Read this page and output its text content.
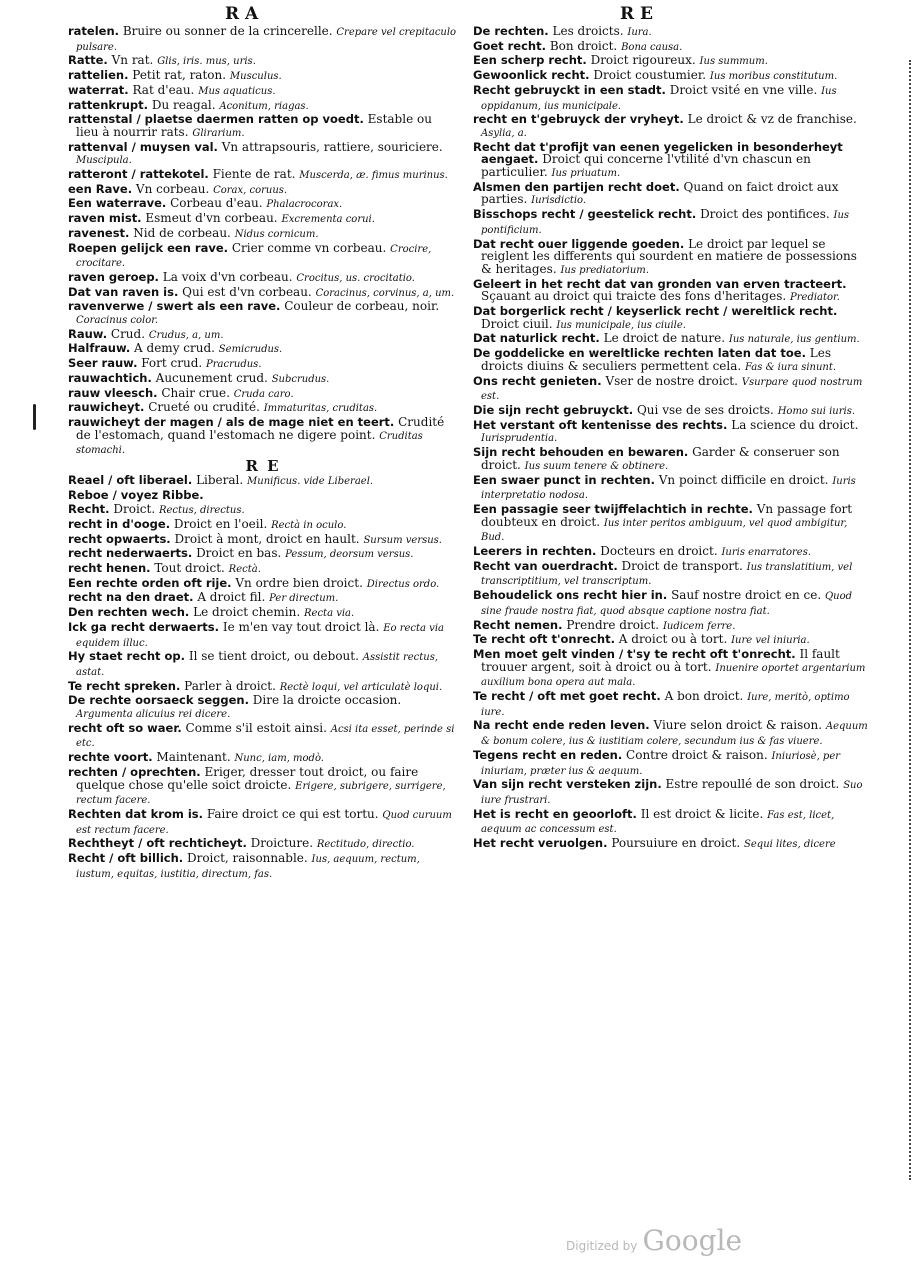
R A	R E

ratelen. Bruire ou sonner de la crincerelle. Crepare vel crepitaculo pulsare.

Ratte. Vn rat. Glis, iris. mus, uris.

rattelien. Petit rat, raton. Musculus.

waterrat. Rat d'eau. Mus aquaticus.

rattenkrupt. Du reagal. Aconitum, riagas.

rattenstal / plaetse daermen ratten op voedt. Estable ou lieu à nourrir rats. Glirarium.

rattenval / muysen val. Vn attrapsouris, rattiere, souriciere. Muscipula.

ratteront / rattekotel. Fiente de rat. Muscerda, æ. fimus murinus.

een Rave. Vn corbeau. Corax, coruus.

Een waterrave. Corbeau d'eau. Phalacrocorax.

raven mist. Esmeut d'vn corbeau. Excrementa corui.

ravenest. Nid de corbeau. Nidus cornicum.

Roepen gelijck een rave. Crier comme vn corbeau. Crocire, crocitare.

raven geroep. La voix d'vn corbeau. Crocitus, us. crocitatio.

Dat van raven is. Qui est d'vn corbeau. Coracinus, corvinus, a, um.

ravenverwe / swert als een rave. Couleur de corbeau, noir. Coracinus color.

Rauw. Crud. Crudus, a, um.

Halfrauw. A demy crud. Semicrudus.

Seer rauw. Fort crud. Pracrudus.

rauwachtich. Aucunement crud. Subcrudus.

rauw vleesch. Chair crue. Cruda caro.

rauwicheyt. Crueté ou crudité. Immaturitas, cruditas.

rauwicheyt der magen / als de mage niet en teert. Crudité de l'estomach, quand l'estomach ne digere point. Cruditas stomachi.

R E

Reael / oft liberael. Liberal. Munificus. vide Liberael.

Reboe / voyez Ribbe.

Recht. Droict. Rectus, directus.

recht in d'ooge. Droict en l'oeil. Rectà in oculo.

recht opwaerts. Droict à mont, droict en hault. Sursum versus.

recht nederwaerts. Droict en bas. Pessum, deorsum versus.

recht henen. Tout droict. Rectà.

Een rechte orden oft rije. Vn ordre bien droict. Directus ordo.

recht na den draet. A droict fil. Per directum.

Den rechten wech. Le droict chemin. Recta via.

Ick ga recht derwaerts. Ie m'en vay tout droict là. Eo recta via equidem illuc.

Hy staet recht op. Il se tient droict, ou debout. Assistit rectus, astat.

Te recht spreken. Parler à droict. Rectè loqui, vel articulatè loqui.

De rechte oorsaeck seggen. Dire la droicte occasion. Argumenta alicuius rei dicere.

recht oft so waer. Comme s'il estoit ainsi. Acsi ita esset, perinde si etc.

rechte voort. Maintenant. Nunc, iam, modò.

rechten / oprechten. Eriger, dresser tout droict, ou faire quelque chose qu'elle soict droicte. Erigere, subrigere, surrigere, rectum facere.

Rechten dat krom is. Faire droict ce qui est tortu. Quod curuum est rectum facere.

Rechtheyt / oft rechticheyt. Droicture. Rectitudo, directio.

Recht / oft billich. Droict, raisonnable. Ius, aequum, rectum, iustum, equitas, iustitia, directum, fas.

De rechten. Les droicts. Iura.

Goet recht. Bon droict. Bona causa.

Een scherp recht. Droict rigoureux. Ius summum.

Gewoonlick recht. Droict coustumier. Ius moribus constitutum.

Recht gebruyckt in een stadt. Droict vsité en vne ville. Ius oppidanum, ius municipale.

recht en t'gebruyck der vryheyt. Le droict & vz de franchise. Asylia, a.

Recht dat t'profijt van eenen yegelicken in besonderheyt aengaet. Droict qui concerne l'vtilité d'vn chascun en particulier. Ius priuatum.

Alsmen den partijen recht doet. Quand on faict droict aux parties. Iurisdictio.

Bisschops recht / geestelick recht. Droict des pontifices. Ius pontificium.

Dat recht ouer liggende goeden. Le droict par lequel se reiglent les differents qui sourdent en matiere de possessions & heritages. Ius prediatorium.

Geleert in het recht dat van gronden van erven tracteert. Sçauant au droict qui traicte des fons d'heritages. Prediator.

Dat borgerlick recht / keyserlick recht / wereltlick recht. Droict ciuil. Ius municipale, ius ciuile.

Dat naturlick recht. Le droict de nature. Ius naturale, ius gentium.

De goddelicke en wereltlicke rechten laten dat toe. Les droicts diuins & seculiers permettent cela. Fas & iura sinunt.

Ons recht genieten. Vser de nostre droict. Vsurpare quod nostrum est.

Die sijn recht gebruyckt. Qui vse de ses droicts. Homo sui iuris.

Het verstant oft kentenisse des rechts. La science du droict. Iurisprudentia.

Sijn recht behouden en bewaren. Garder & conseruer son droict. Ius suum tenere & obtinere.

Een swaer punct in rechten. Vn poinct difficile en droict. Iuris interpretatio nodosa.

Een passagie seer twijffelachtich in rechte. Vn passage fort doubteux en droict. Ius inter peritos ambiguum, vel quod ambigitur, Bud.

Leerers in rechten. Docteurs en droict. Iuris enarratores.

Recht van ouerdracht. Droict de transport. Ius translatitium, vel transcriptitium, vel transcriptum.

Behoudelick ons recht hier in. Sauf nostre droict en ce. Quod sine fraude nostra fiat, quod absque captione nostra fiat.

Recht nemen. Prendre droict. Iudicem ferre.

Te recht oft t'onrecht. A droict ou à tort. Iure vel iniuria.

Men moet gelt vinden / t'sy te recht oft t'onrecht. Il fault trouuer argent, soit à droict ou à tort. Inuenire oportet argentarium auxilium bona opera aut mala.

Te recht / oft met goet recht. A bon droict. Iure, meritò, optimo iure.

Na recht ende reden leven. Viure selon droict & raison. Aequum & bonum colere, ius & iustitiam colere, secundum ius & fas viuere.

Tegens recht en reden. Contre droict & raison. Iniuriosè, per iniuriam, præter ius & aequum.

Van sijn recht versteken zijn. Estre repoullé de son droict. Suo iure frustrari.

Het is recht en geoorloft. Il est droict & licite. Fas est, licet, aequum ac concessum est.

Het recht veruolgen. Poursuiure en droict. Sequi lites, dicere

Digitized by Google
